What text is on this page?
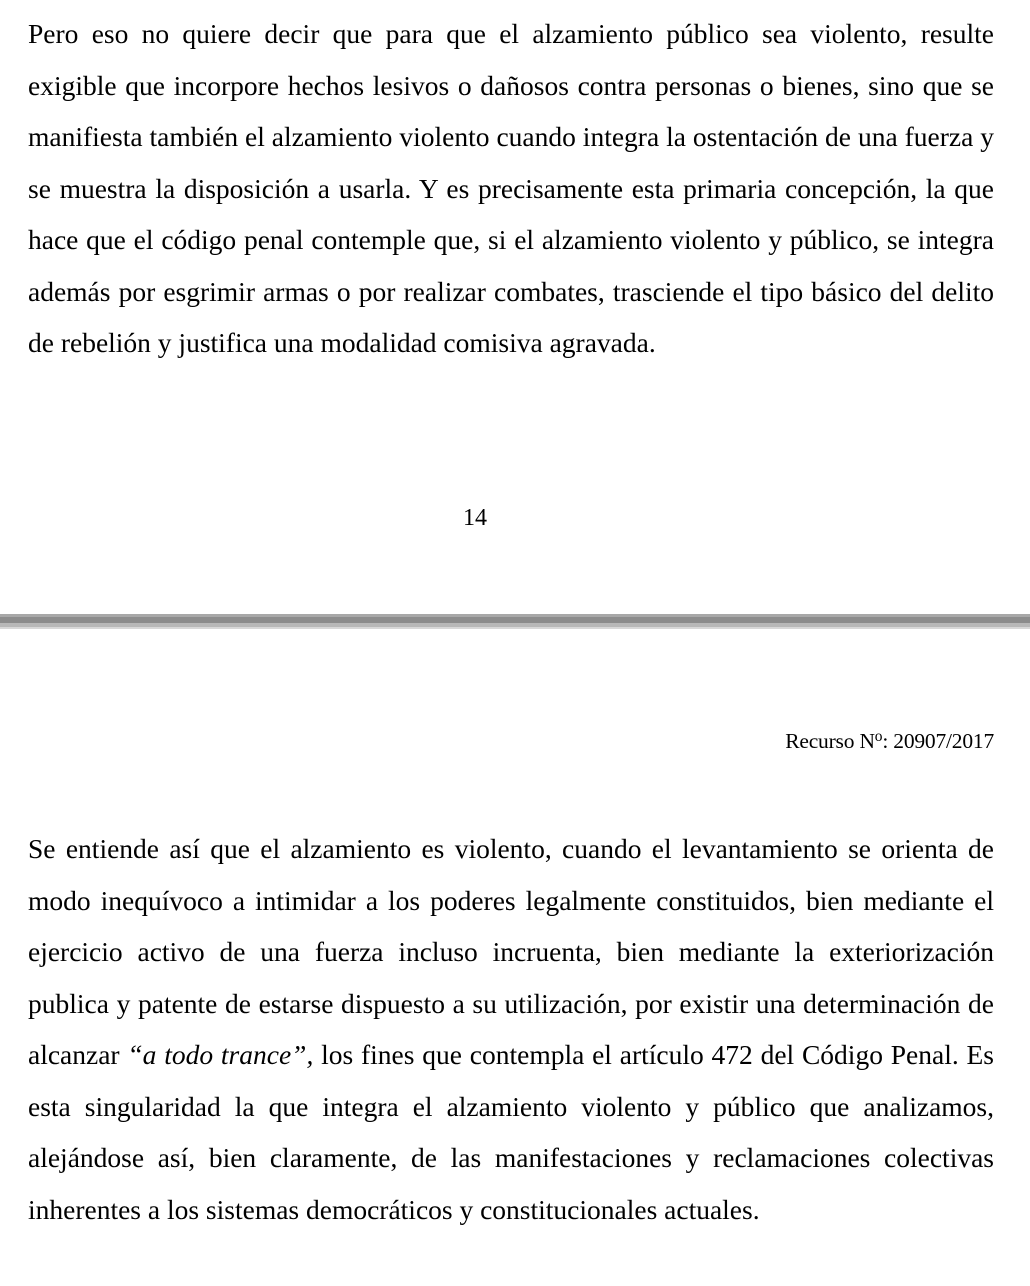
Pero eso no quiere decir que para que el alzamiento público sea violento, resulte exigible que incorpore hechos lesivos o dañosos contra personas o bienes, sino que se manifiesta también el alzamiento violento cuando integra la ostentación de una fuerza y se muestra la disposición a usarla. Y es precisamente esta primaria concepción, la que hace que el código penal contemple que, si el alzamiento violento y público, se integra además por esgrimir armas o por realizar combates, trasciende el tipo básico del delito de rebelión y justifica una modalidad comisiva agravada.

14
Recurso $N^o$: 20907/2017

Se entiende así que el alzamiento es violento, cuando el levantamiento se orienta de modo inequívoco a intimidar a los poderes legalmente constituidos, bien mediante el ejercicio activo de una fuerza incluso incruenta, bien mediante la exteriorización publica y patente de estarse dispuesto a su utilización, por existir una determinación de alcanzar “a todo trance”, los fines que contempla el artículo 472 del Código Penal. Es esta singularidad la que integra el alzamiento violento y público que analizamos, alejándose así, bien claramente, de las manifestaciones y reclamaciones colectivas inherentes a los sistemas democráticos y constitucionales actuales.
